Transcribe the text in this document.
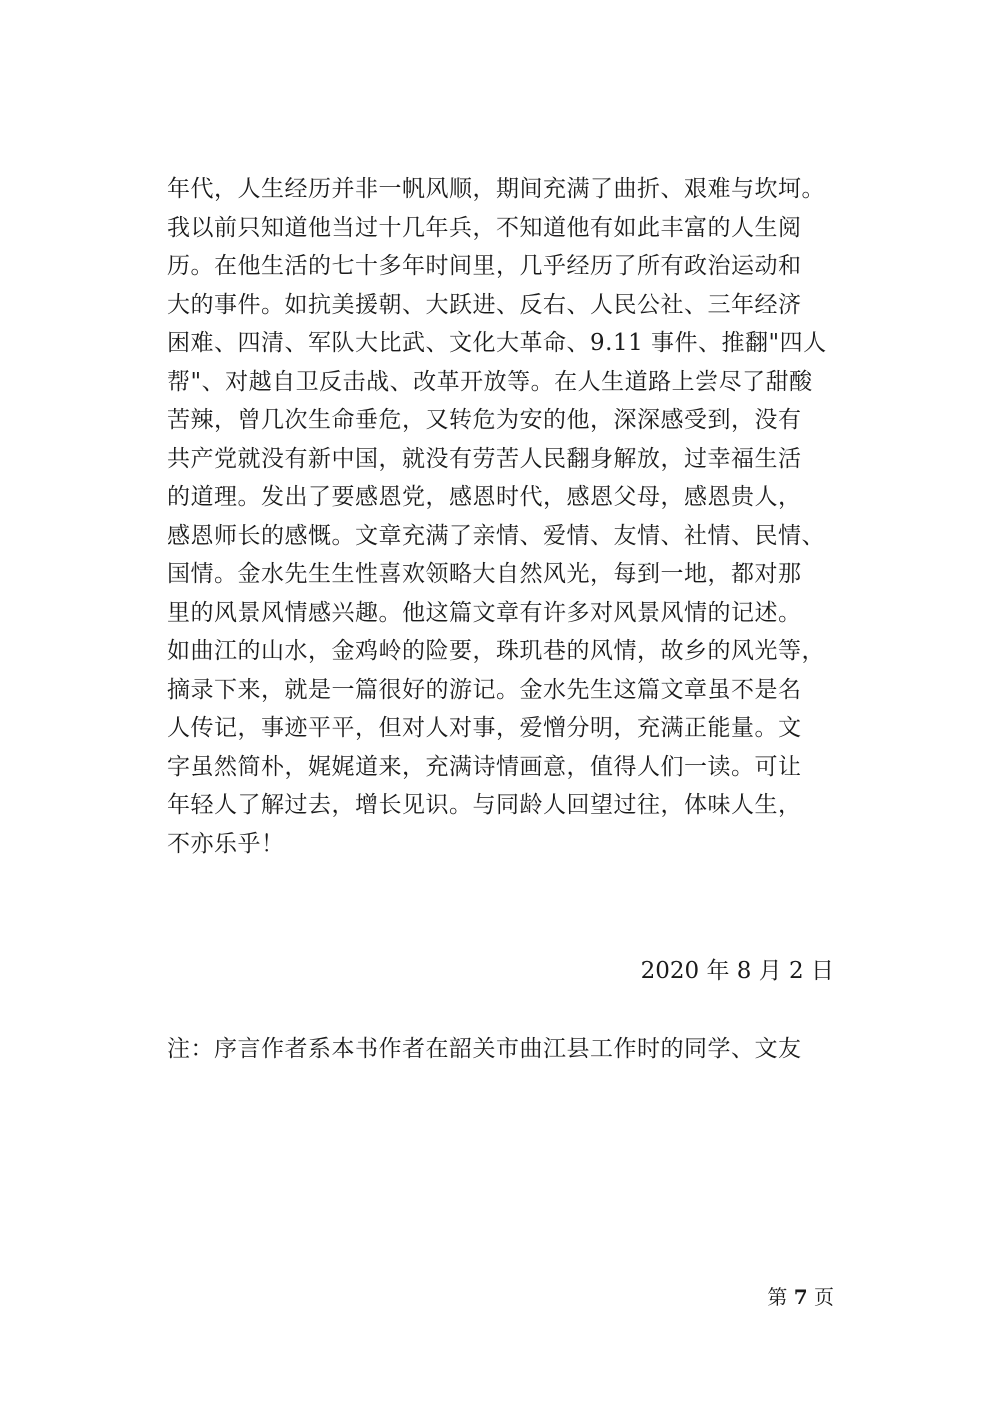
年代，人生经历并非一帆风顺，期间充满了曲折、艰难与坎坷。
我以前只知道他当过十几年兵，不知道他有如此丰富的人生阅
历。在他生活的七十多年时间里，几乎经历了所有政治运动和
大的事件。如抗美援朝、大跃进、反右、人民公社、三年经济
困难、四清、军队大比武、文化大革命、9.11 事件、推翻"四人
帮"、对越自卫反击战、改革开放等。在人生道路上尝尽了甜酸
苦辣，曾几次生命垂危，又转危为安的他，深深感受到，没有
共产党就没有新中国，就没有劳苦人民翻身解放，过幸福生活
的道理。发出了要感恩党，感恩时代，感恩父母，感恩贵人，
感恩师长的感慨。文章充满了亲情、爱情、友情、社情、民情、
国情。金水先生生性喜欢领略大自然风光，每到一地，都对那
里的风景风情感兴趣。他这篇文章有许多对风景风情的记述。
如曲江的山水，金鸡岭的险要，珠玑巷的风情，故乡的风光等，
摘录下来，就是一篇很好的游记。金水先生这篇文章虽不是名
人传记，事迹平平，但对人对事，爱憎分明，充满正能量。文
字虽然简朴，娓娓道来，充满诗情画意，值得人们一读。可让
年轻人了解过去，增长见识。与同龄人回望过往，体味人生，
不亦乐乎！
2020 年 8 月 2 日
注：序言作者系本书作者在韶关市曲江县工作时的同学、文友
第 7 页
